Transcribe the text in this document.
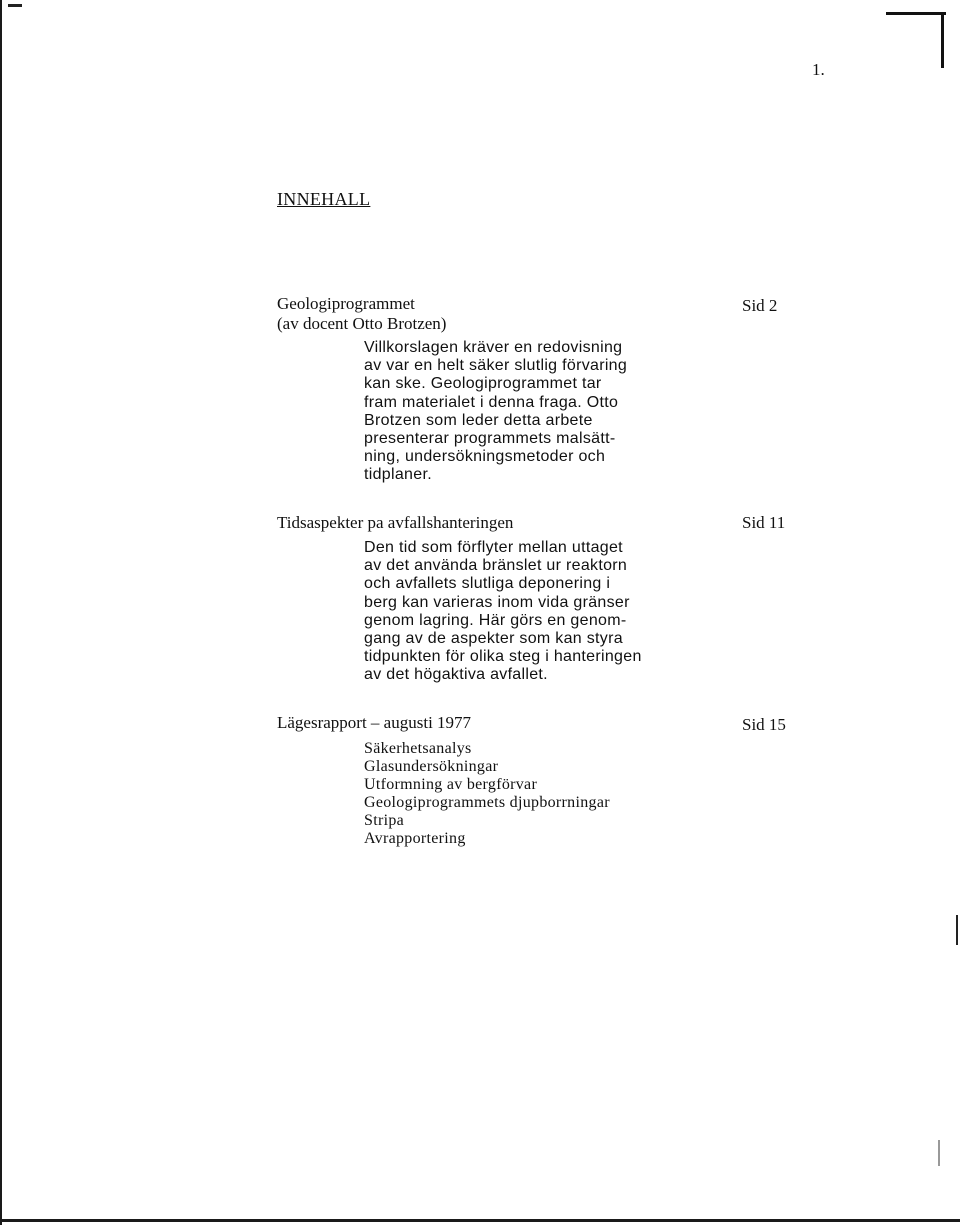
1.
INNEHALL
Geologiprogrammet
(av docent Otto Brotzen)
Sid 2
Villkorslagen kräver en redovisning
av var en helt säker slutlig förvaring
kan ske. Geologiprogrammet tar
fram materialet i denna fraga. Otto
Brotzen som leder detta arbete
presenterar programmets malsätt-
ning, undersökningsmetoder och
tidplaner.
Tidsaspekter pa avfallshanteringen	Sid 11
Den tid som förflyter mellan uttaget
av det använda bränslet ur reaktorn
och avfallets slutliga deponering i
berg kan varieras inom vida gränser
genom lagring. Här görs en genom-
gang av de aspekter som kan styra
tidpunkten för olika steg i hanteringen
av det högaktiva avfallet.
Lägesrapport – augusti 1977	Sid 15
Säkerhetsanalys
Glasundersökningar
Utformning av bergförvar
Geologiprogrammets djupborrningar
Stripa
Avrapportering
